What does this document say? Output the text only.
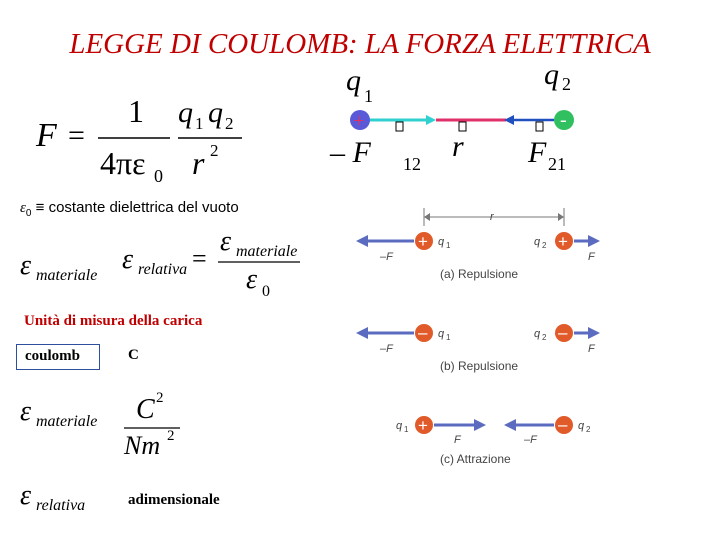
LEGGE DI COULOMB: LA FORZA ELETTRICA
F =
1
4πε 0
q 1 q 2
r 2
q 1
q 2
+	-
– F 12
r F 21
$\varepsilon_0$ ≡ costante dielettrica del vuoto
ε materiale
ε relativa =
ε materiale
ε 0
Unità di misura della carica
coulomb	C
ε materiale C 2
Nm 2
ε relativa	adimensionale
r
+ q 1	q 2 +
–F	F
(a) Repulsione
– q 1	q 2 –
–F	F
(b) Repulsione
q 1 +	– q 2
F	–F
(c) Attrazione
